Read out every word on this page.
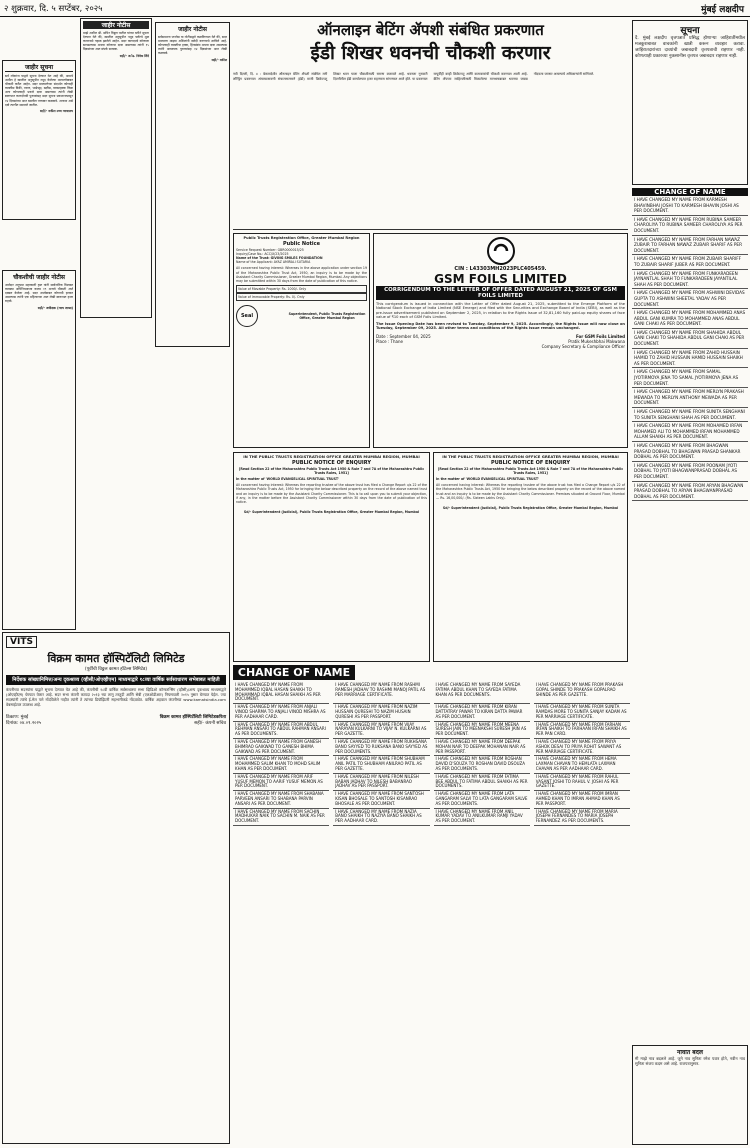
२ शुक्रवार, दि. ५ सप्टेंबर, २०२५	मुंबई लक्षदीप
जाहीर सूचना
सर्व लोकांना याद्वारे सूचना देण्यात येत आहे की, आमचे अशील हे खालील अनुसूचीत नमूद केलेल्या मालमत्तेबाबत चौकशी करीत आहेत. सदर मालमत्तेच्या संदर्भात कोणाही व्यक्तीस विक्री, तारण, भाडेपट्टा, बक्षीस, वारसाहक्क किंवा अन्य कोणत्याही प्रकारे दावा असल्यास त्यांनी लेखी स्वरूपात कागदोपत्री पुराव्यांसह सदर सूचना प्रकाशनापासून १४ दिवसांच्या आत खालील पत्त्यावर कळवावे. अन्यथा असे दावे त्यागीत समजले जातील.
सही/- वकील उच्च न्यायालय
चौकशीची जाहीर नोटीस
अर्जदार अनुपमा महाकाली ट्रस्ट यांनी सार्वजनिक विश्वस्त व्यवस्था अधिनियमाच्या कलम १९ अन्वये चौकशी अर्ज दाखल केलेला आहे. सदर अर्जाबाबत कोणाची हरकत असल्यास त्यांनी एक महिन्याच्या आत लेखी स्वरूपात हजर राहावे.
सही/- अधीक्षक (न्याय शाखा)
जाहीर नोटीस
माझे अशील श्री. सचिन विठ्ठल पाटील यांच्या वतीने सूचना देण्यात येते की, खालील अनुसूचीत नमूद फ्लॅटचे मूळ करारनामे गहाळ झालेले आहेत. सदर कागदपत्रे कोणाला सापडल्यास अथवा कोणाचा दावा असल्यास त्यांनी १५ दिवसांच्या आत संपर्क साधावा.
सही/- अॅड. विवेक शिंदे
जाहीर नोटीस
सर्वसामान्य जनतेस या नोटीसद्वारे कळविण्यात येते की, सदर मालमत्ता माझ्या अशिलांनी खरेदी करण्याचे ठरविले आहे. कोणत्याही व्यक्तीचा हक्क, हितसंबंध अथवा दावा असल्यास त्यांनी आवश्यक पुराव्यांसह १४ दिवसांच्या आत लेखी कळवावे.
सही/- वकील
ऑनलाइन बेटिंग ॲपशी संबंधित प्रकरणात
ईडी शिखर धवनची चौकशी करणार
नवी दिल्ली, दि. ४ : बेकायदेशीर ऑनलाइन बेटिंग ॲपशी संबंधित मनी लॉन्ड्रिंग प्रकरणात अंमलबजावणी संचालनालयाने (ईडी) माजी क्रिकेटपटू शिखर धवन याला चौकशीसाठी समन्स बजावले आहे. धवनला गुरुवारी दिल्लीतील ईडी कार्यालयात हजर राहण्यास सांगण्यात आले होते. या प्रकरणात यापूर्वीही काही क्रिकेटपटू आणि कलाकारांची चौकशी करण्यात आली आहे. बेटिंग ॲपच्या जाहिरातीसाठी मिळालेल्या मानधनाबाबत धवनचा जबाब नोंदवला जाणार असल्याचे अधिकाऱ्यांनी सांगितले.
Public Trusts Registration Office, Greater Mumbai Region
Public Notice
Service Request Number: GBR0000015/25
Inquiry/Case No.: ACC/X/23/2025
Name of the Trust: GIVING SMILES FOUNDATION
Name of the Applicant: AYAZ AMIRALI SUTARIA
All concerned having interest: Whereas in the above application under section 19 of the Maharashtra Public Trust Act, 1950, an inquiry is to be made by the Assistant Charity Commissioner, Greater Mumbai Region, Mumbai. Any objections may be submitted within 30 days from the date of publication of this notice.
Value of Movable Property: Rs. 1000/- Only
Value of Immovable Property: Rs. 0/- Only
Seal	Superintendent, Public Trusts Registration Office, Greater Mumbai Region
CIN : L43303MH2023PLC405459.
GSM FOILS LIMITED
CORRIGENDUM TO THE LETTER OF OFFER DATED AUGUST 21, 2025 OF GSM FOILS LIMITED
This corrigendum is issued in connection with the Letter of Offer dated August 21, 2025, submitted to the Emerge Platform of the National Stock Exchange of India Limited (NSE Emerge) and filed with the Securities and Exchange Board of India (SEBI), as well as the pre-issue advertisement published on September 2, 2025, in relation to the Rights Issue of 32,81,160 fully paid-up equity shares of face value of ₹10 each of GSM Foils Limited.
The Issue Opening Date has been revised to Tuesday, September 9, 2025. Accordingly, the Rights Issue will now close on Tuesday, September 09, 2025. All other terms and conditions of the Rights Issue remain unchanged.
Date : September 04, 2025
Place : Thane
For GSM Foils Limited
Pratik Mukeshbhai Makwana
Company Secretary & Compliance Officer
IN THE PUBLIC TRUSTS REGISTRATION OFFICE GREATER MUMBAI REGION, MUMBAI
PUBLIC NOTICE OF ENQUIRY
[Read Section 22 of the Maharashtra Public Trusts Act 1950 & Rule 7 and 7A of the Maharashtra Public Trusts Rules, 1951]
In the matter of 'WORLD EVANGELICAL SPIRITUAL TRUST'
All concerned having interest: Whereas the reporting trustee of the above trust has filed a Change Report u/s 22 of the Maharashtra Public Trusts Act, 1950 for bringing the below described property on the record of the above named trust and an inquiry is to be made by the Assistant Charity Commissioner. This is to call upon you to submit your objection, if any, in the matter before the Assistant Charity Commissioner within 30 days from the date of publication of this notice.
Sd/- Superintendent (Judicial), Public Trusts Registration Office, Greater Mumbai Region, Mumbai
IN THE PUBLIC TRUSTS REGISTRATION OFFICE GREATER MUMBAI REGION, MUMBAI
PUBLIC NOTICE OF ENQUIRY
[Read Section 22 of the Maharashtra Public Trusts Act 1950 & Rule 7 and 7A of the Maharashtra Public Trusts Rules, 1951]
In the matter of 'WORLD EVANGELICAL SPIRITUAL TRUST'
All concerned having interest: Whereas the reporting trustee of the above trust has filed a Change Report u/s 22 of the Maharashtra Public Trusts Act, 1950 for bringing the below described property on the record of the above named trust and an inquiry is to be made by the Assistant Charity Commissioner. Premises situated at Ground Floor, Mumbai — Rs. 16,00,000/- (Rs. Sixteen Lakhs Only).
Sd/- Superintendent (Judicial), Public Trusts Registration Office, Greater Mumbai Region, Mumbai
VITS
विक्रम कामत हॉस्पिटॅलिटी लिमिटेड
(पूर्वीची विठ्ठल कामत हॉटेल्स लिमिटेड)
निर्देशक सांख्यानिमित्त/अन्य दृकश्राव्य (व्हीसी/ओएव्हीएम) माध्यमाद्वारे १८व्या वार्षिक सर्वसाधारण सभेबाबत माहिती
कंपनीच्या सदस्यांना याद्वारे सूचना देण्यात येत आहे की, कंपनीची १८वी वार्षिक सर्वसाधारण सभा व्हिडिओ कॉन्फरन्सिंग (व्हीसी)/अन्य दृकश्राव्य माध्यमाद्वारे (ओएव्हीएम) घेण्यात येणार आहे. सदर सभा कंपनी कायदा २०१३ च्या लागू तरतुदी आणि सेबी (एलओडीआर) नियमावली २०१५ नुसार घेण्यात येईल. ज्या सदस्यांनी त्यांचे ई-मेल पत्ते नोंदविलेले नाहीत त्यांनी ते त्यांच्या डिपॉझिटरी सहभागीकडे नोंदवावेत. वार्षिक अहवाल कंपनीच्या www.kamatsindia.com वेबसाईटवर उपलब्ध आहे.
ठिकाण: मुंबई
दिनांक: ०४.०९.२०२५
विक्रम कामत हॉस्पिटॅलिटी लिमिटेडकरिता
सही/- कंपनी सचिव
CHANGE OF NAME
I HAVE CHANGED MY NAME FROM MOHAMMED IQBAL HASAN SHAIKH TO MOHAMMAD IQBAL HASAN SHAIKH AS PER DOCUMENT.
I HAVE CHANGED MY NAME FROM RASHMI RAMESH JADHAV TO RASHMI MANOJ PATIL AS PER MARRIAGE CERTIFICATE.
I HAVE CHANGED MY NAME FROM SAYEDA FATIMA ABDUL KHAN TO SAYEDA FATIMA KHAN AS PER DOCUMENTS.
I HAVE CHANGED MY NAME FROM PRAKASH GOPAL SHINDE TO PRAKASH GOPALRAO SHINDE AS PER GAZETTE.
I HAVE CHANGED MY NAME FROM ANJALI VINOD SHARMA TO ANJALI VINOD MISHRA AS PER AADHAAR CARD.
I HAVE CHANGED MY NAME FROM NAZIM HUSSAIN QURESHI TO NAZIM HUSAIN QURESHI AS PER PASSPORT.
I HAVE CHANGED MY NAME FROM KIRAN DATTATRAY PAWAR TO KIRAN DATTA PAWAR AS PER DOCUMENT.
I HAVE CHANGED MY NAME FROM SUNITA RAMDAS MORE TO SUNITA SANJAY KADAM AS PER MARRIAGE CERTIFICATE.
I HAVE CHANGED MY NAME FROM ABDUL REHMAN ANSARI TO ABDUL RAHMAN ANSARI AS PER DOCUMENTS.
I HAVE CHANGED MY NAME FROM VIJAY NARAYAN KULKARNI TO VIJAY N. KULKARNI AS PER GAZETTE.
I HAVE CHANGED MY NAME FROM MEENA SURESH JAIN TO MEENAKSHI SURESH JAIN AS PER DOCUMENT.
I HAVE CHANGED MY NAME FROM FARHAN IRFAN SHAIKH TO FARHAAN IRFAN SHAIKH AS PER PAN CARD.
I HAVE CHANGED MY NAME FROM GANESH BHIMRAO GAIKWAD TO GANESH BHIMA GAIKWAD AS PER DOCUMENT.
I HAVE CHANGED MY NAME FROM RUKHSANA BANO SAYYED TO RUKSANA BANO SAYYED AS PER DOCUMENTS.
I HAVE CHANGED MY NAME FROM DEEPAK MOHAN NAIR TO DEEPAK MOHANAN NAIR AS PER PASSPORT.
I HAVE CHANGED MY NAME FROM PRIYA ASHOK DESAI TO PRIYA ROHIT SAWANT AS PER MARRIAGE CERTIFICATE.
I HAVE CHANGED MY NAME FROM MOHAMMED SALIM KHAN TO MOHD SALIM KHAN AS PER DOCUMENT.
I HAVE CHANGED MY NAME FROM SHUBHAM ANIL PATIL TO SHUBHAM ANILRAO PATIL AS PER GAZETTE.
I HAVE CHANGED MY NAME FROM ROSHAN DAVID D'SOUZA TO ROSHAN DAVID DSOUZA AS PER DOCUMENTS.
I HAVE CHANGED MY NAME FROM HEMA LAXMAN CHAVAN TO HEMLATA LAXMAN CHAVAN AS PER AADHAAR CARD.
I HAVE CHANGED MY NAME FROM ARIF YUSUF MEMON TO AARIF YUSUF MEMON AS PER DOCUMENT.
I HAVE CHANGED MY NAME FROM NILESH BABAN JADHAV TO NILESH BABANRAO JADHAV AS PER PASSPORT.
I HAVE CHANGED MY NAME FROM FATIMA BEE ABDUL TO FATIMA ABDUL SHAIKH AS PER DOCUMENTS.
I HAVE CHANGED MY NAME FROM RAHUL VASANT JOSHI TO RAHUL V. JOSHI AS PER GAZETTE.
I HAVE CHANGED MY NAME FROM SHABANA PARVEEN ANSARI TO SHABANA PARVIN ANSARI AS PER DOCUMENT.
I HAVE CHANGED MY NAME FROM SANTOSH KISAN BHOSALE TO SANTOSH KISANRAO BHOSALE AS PER DOCUMENT.
I HAVE CHANGED MY NAME FROM LATA GANGARAM SALVI TO LATA GANGARAM SALVE AS PER DOCUMENTS.
I HAVE CHANGED MY NAME FROM IMRAN AHMED KHAN TO IMRAN AHMAD KHAN AS PER PASSPORT.
I HAVE CHANGED MY NAME FROM SACHIN MADHUKAR NAIK TO SACHIN M. NAIK AS PER DOCUMENT.
I HAVE CHANGED MY NAME FROM NAZIA BANO SHAIKH TO NAZIYA BANO SHAIKH AS PER AADHAAR CARD.
I HAVE CHANGED MY NAME FROM ANIL KUMAR YADAV TO ANILKUMAR RAMJI YADAV AS PER DOCUMENT.
I HAVE CHANGED MY NAME FROM MARIA JOSEPH FERNANDES TO MARIA JOSEPH FERNANDEZ AS PER DOCUMENTS.
सूचना
दै. मुंबई लक्षदीप वृत्तपत्रात प्रसिद्ध होणाऱ्या जाहिरातींमधील मजकुराबाबत वाचकांनी खात्री करून व्यवहार करावा. जाहिरातदारांच्या दाव्यांची जबाबदारी वृत्तपत्राची राहणार नाही. कोणत्याही प्रकारच्या नुकसानीस वृत्तपत्र जबाबदार राहणार नाही.
CHANGE OF NAME
I HAVE CHANGED MY NAME FROM KARMESH BHAVINBHAI JOSHI TO KARMESH BHAVIN JOSHI AS PER DOCUMENT.
I HAVE CHANGED MY NAME FROM RUBINA SAMEER CHAROLIYA TO RUBINA SAMEER CHAROLIYA AS PER DOCUMENT.
I HAVE CHANGED MY NAME FROM FARHAN NAWAZ ZUBAIR TO FARHAN NAWAZ ZUBAIR SHARIF AS PER DOCUMENT.
I HAVE CHANGED MY NAME FROM ZUBAIR SHARIFF TO ZUBAIR SHARIF JUBER AS PER DOCUMENT.
I HAVE CHANGED MY NAME FROM FUNKARADEEN JAYNANTLAL SHAH TO FUNKARADEEN JAYANTILAL SHAH AS PER DOCUMENT.
I HAVE CHANGED MY NAME FROM ASHWINI DEVIDAS GUPTA TO ASHWINI SHEETAL YADAV AS PER DOCUMENT.
I HAVE CHANGED MY NAME FROM MOHAMMED ANAS ABDUL GANI KUMRA TO MOHAMMED ANAS ABDUL GANI CHAKI AS PER DOCUMENT.
I HAVE CHANGED MY NAME FROM SHAHIDA ABDUL GANI CHAKI TO SHAHIDA ABDUL GANI CHAKI AS PER DOCUMENT.
I HAVE CHANGED MY NAME FROM ZAHID HUSSAIN HAMID TO ZAHID HUSSAIN HAMID HUSSAIN SHAIKH AS PER DOCUMENT.
I HAVE CHANGED MY NAME FROM SAMAL JYOTIRMOYA JENA TO SAMAL JYOTIRMOYA JENA AS PER DOCUMENT.
I HAVE CHANGED MY NAME FROM MERLYN PRAKASH MEWADA TO MERLYN ANTHONY MEWADA AS PER DOCUMENT.
I HAVE CHANGED MY NAME FROM SUNITA SENGHANI TO SUNITA SENGHANI SHAH AS PER DOCUMENT.
I HAVE CHANGED MY NAME FROM MOHAMED IRFAN MOHAMED ALI TO MOHAMMED IRFAN MOHAMMED ALLAM SHAIKH AS PER DOCUMENT.
I HAVE CHANGED MY NAME FROM BHAGWAN PRASAD DOBHAL TO BHAGWAN PRASAD SHANKAR DOBHAL AS PER DOCUMENT.
I HAVE CHANGED MY NAME FROM POONAM JYOTI DOBHAL TO JYOTI BHAGWANPRASAD DOBHAL AS PER DOCUMENT.
I HAVE CHANGED MY NAME FROM ARYAN BHAGWAN PRASAD DOBHAL TO ARYAN BHAGWANPRASAD DOBHAL AS PER DOCUMENT.
नावात बदल
मी माझे नाव बदलले आहे. जुने नाव सुनिता रमेश पवार होते, नवीन नाव सुनिता संजय कदम असे आहे. राजपत्रानुसार.
